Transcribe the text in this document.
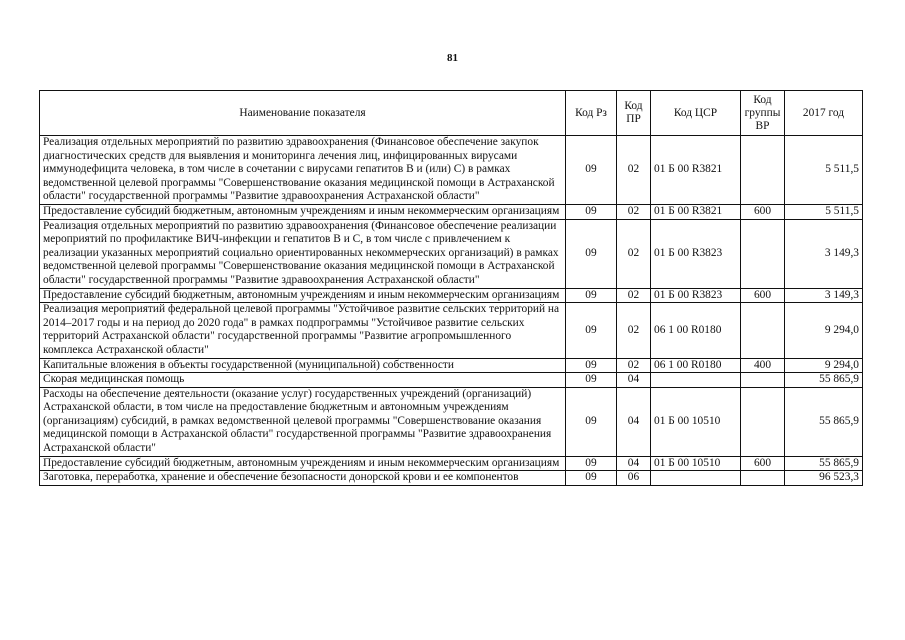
81
Наименование показателя	Код Рз	Код ПР	Код ЦСР	Код группы ВР	2017 год
Реализация отдельных мероприятий по развитию здравоохранения (Финансовое обеспечение закупок диагностических средств для выявления и мониторинга лечения лиц, инфицированных вирусами иммунодефицита человека, в том числе в сочетании с вирусами гепатитов В и (или) С) в рамках ведомственной целевой программы "Совершенствование оказания медицинской помощи в Астраханской области" государственной программы "Развитие здравоохранения Астраханской области"	09	02	01 Б 00 R3821		5 511,5
Предоставление субсидий бюджетным, автономным учреждениям и иным некоммерческим организациям	09	02	01 Б 00 R3821	600	5 511,5
Реализация отдельных мероприятий по развитию здравоохранения (Финансовое обеспечение реализации мероприятий по профилактике ВИЧ-инфекции и гепатитов В и С, в том числе с привлечением к реализации указанных мероприятий социально ориентированных некоммерческих организаций) в рамках ведомственной целевой программы "Совершенствование оказания медицинской помощи в Астраханской области" государственной программы "Развитие здравоохранения Астраханской области"	09	02	01 Б 00 R3823		3 149,3
Предоставление субсидий бюджетным, автономным учреждениям и иным некоммерческим организациям	09	02	01 Б 00 R3823	600	3 149,3
Реализация мероприятий федеральной целевой программы "Устойчивое развитие сельских территорий на 2014–2017 годы и на период до 2020 года" в рамках подпрограммы "Устойчивое развитие сельских территорий Астраханской области" государственной программы "Развитие агропромышленного комплекса Астраханской области"	09	02	06 1 00 R0180		9 294,0
Капитальные вложения в объекты государственной (муниципальной) собственности	09	02	06 1 00 R0180	400	9 294,0
Скорая медицинская помощь	09	04			55 865,9
Расходы на обеспечение деятельности (оказание услуг) государственных учреждений (организаций) Астраханской области, в том числе на предоставление бюджетным и автономным учреждениям (организациям) субсидий, в рамках ведомственной целевой программы "Совершенствование оказания медицинской помощи в Астраханской области" государственной программы "Развитие здравоохранения Астраханской области"	09	04	01 Б 00 10510		55 865,9
Предоставление субсидий бюджетным, автономным учреждениям и иным некоммерческим организациям	09	04	01 Б 00 10510	600	55 865,9
Заготовка, переработка, хранение и обеспечение безопасности донорской крови и ее компонентов	09	06			96 523,3
